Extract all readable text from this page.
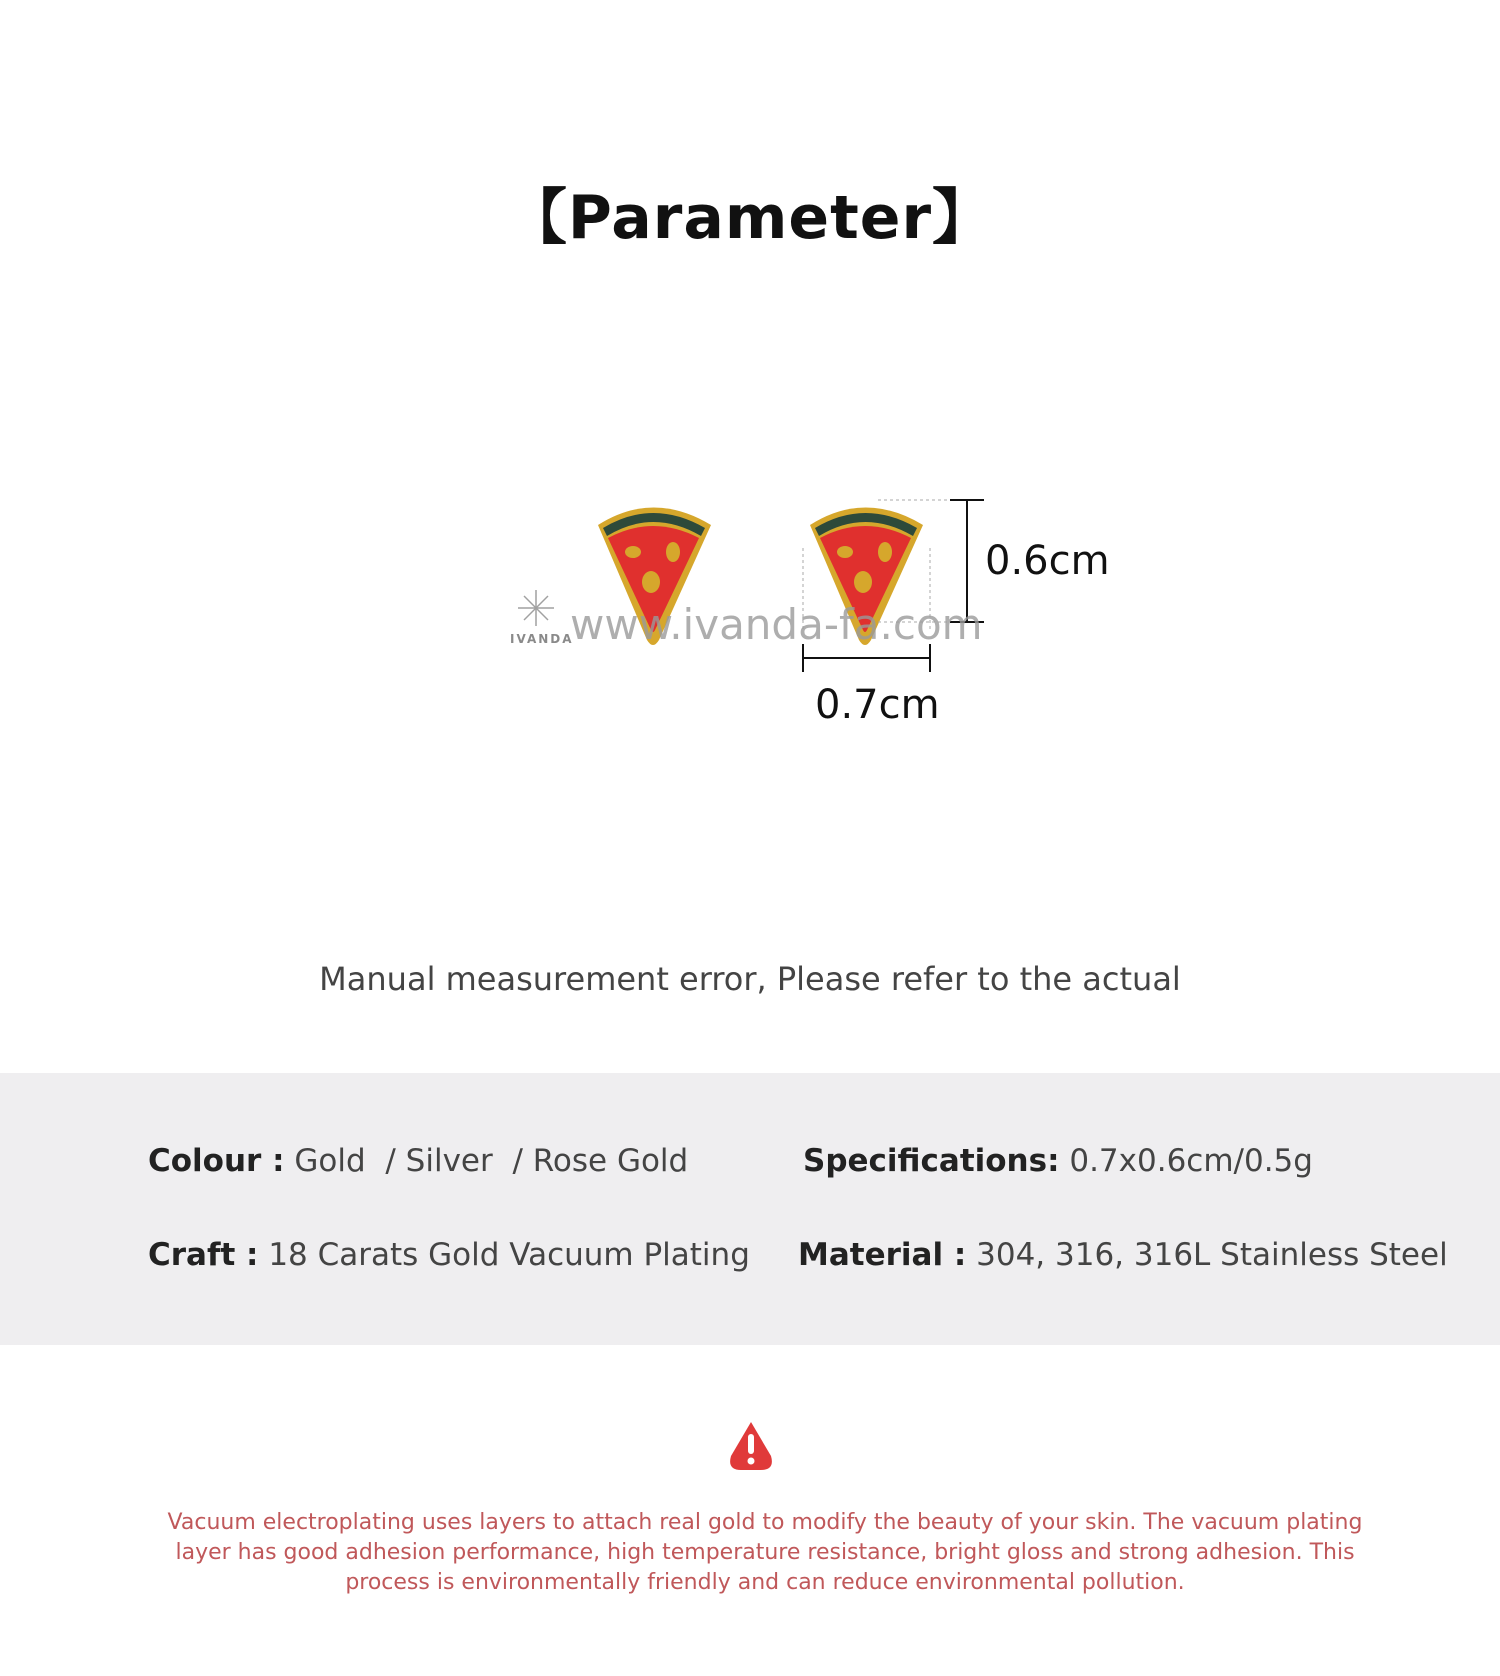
【Parameter】
www.ivanda-fa.com
IVANDA
0.6cm
0.7cm
Manual measurement error, Please refer to the actual
Colour : Gold  / Silver  / Rose Gold	Specifications: 0.7x0.6cm/0.5g
Craft : 18 Carats Gold Vacuum Plating Material : 304, 316, 316L Stainless Steel
Vacuum electroplating uses layers to attach real gold to modify the beauty of your skin. The vacuum plating layer has good adhesion performance, high temperature resistance, bright gloss and strong adhesion. This process is environmentally friendly and can reduce environmental pollution.
